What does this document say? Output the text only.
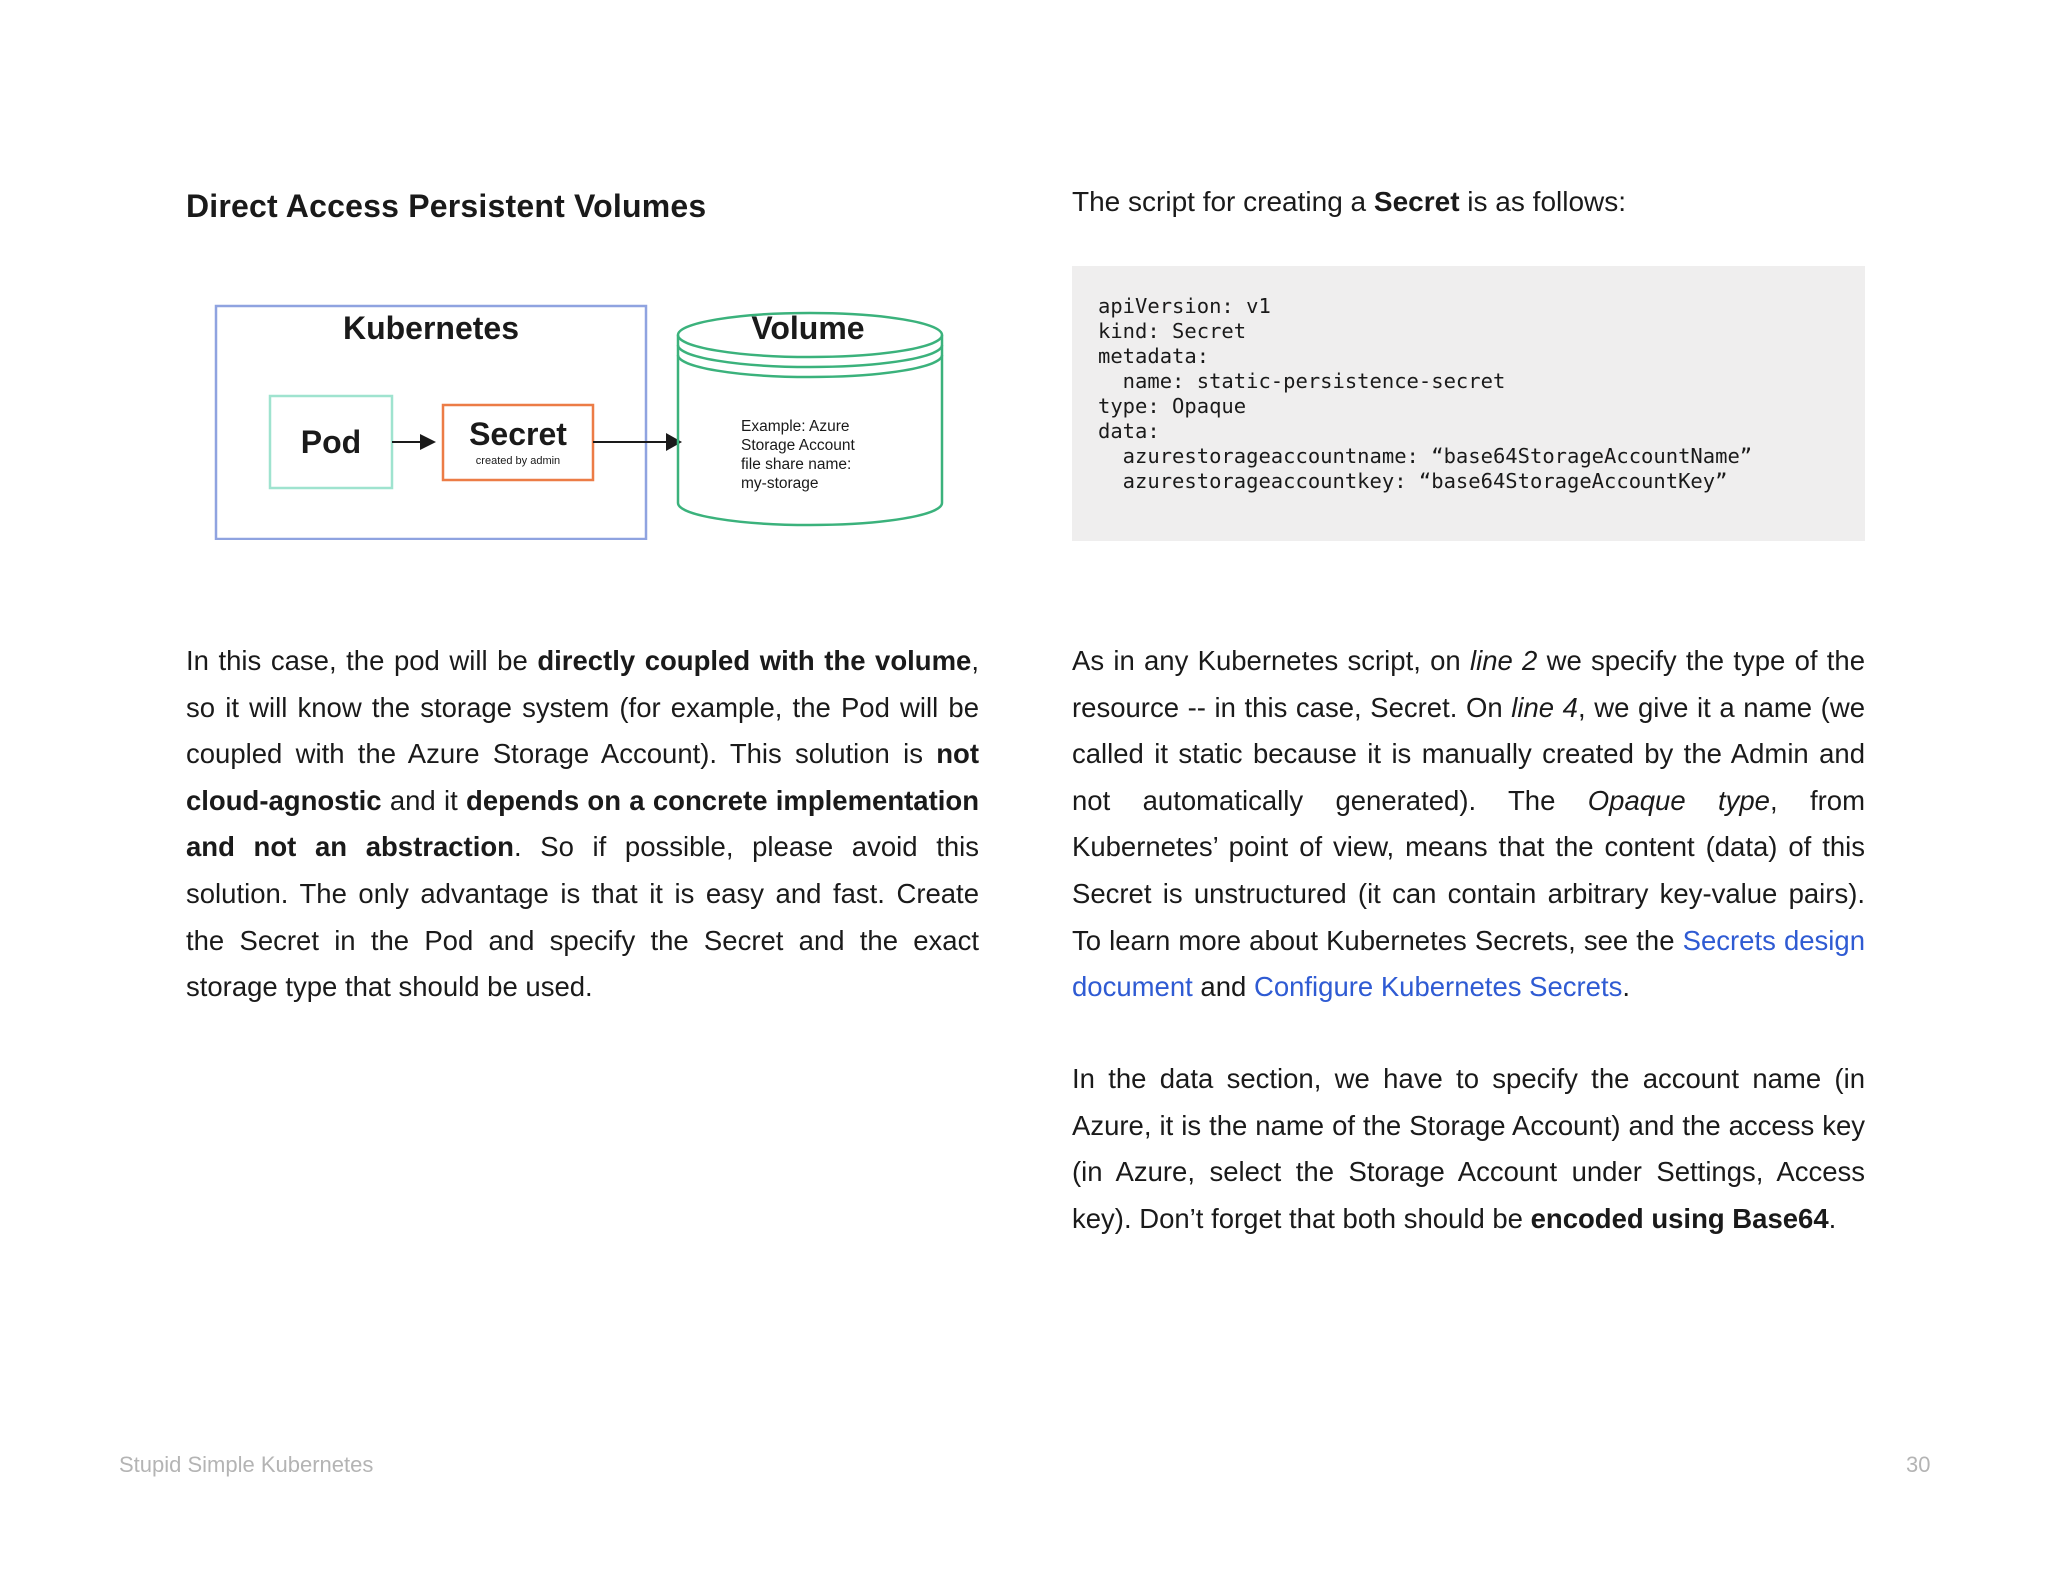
Direct Access Persistent Volumes	The script for creating a Secret is as follows:
Kubernetes
Pod	Secret
created by admin
Volume
Example: Azure
Storage Account
file share name:
my-storage
apiVersion: v1
kind: Secret
metadata:
name: static-persistence-secret
type: Opaque
data:
azurestorageaccountname: “base64StorageAccountName”
azurestorageaccountkey: “base64StorageAccountKey”
In this case, the pod will be directly coupled with the volume, so it will know the storage system (for example, the Pod will be coupled with the Azure Storage Account). This solution is not cloud-agnostic and it depends on a concrete implementation and not an abstraction. So if possible, please avoid this solution. The only advantage is that it is easy and fast. Create the Secret in the Pod and specify the Secret and the exact storage type that should be used.
As in any Kubernetes script, on line 2 we specify the type of the resource -- in this case, Secret. On line 4, we give it a name (we called it static because it is manually created by the Admin and not automatically generated). The Opaque type, from Kubernetes’ point of view, means that the content (data) of this Secret is unstructured (it can contain arbitrary key-value pairs). To learn more about Kubernetes Secrets, see the Secrets design document and Configure Kubernetes Secrets.
In the data section, we have to specify the account name (in Azure, it is the name of the Storage Account) and the access key (in Azure, select the Storage Account under Settings, Access key). Don’t forget that both should be encoded using Base64.
Stupid Simple Kubernetes	30
